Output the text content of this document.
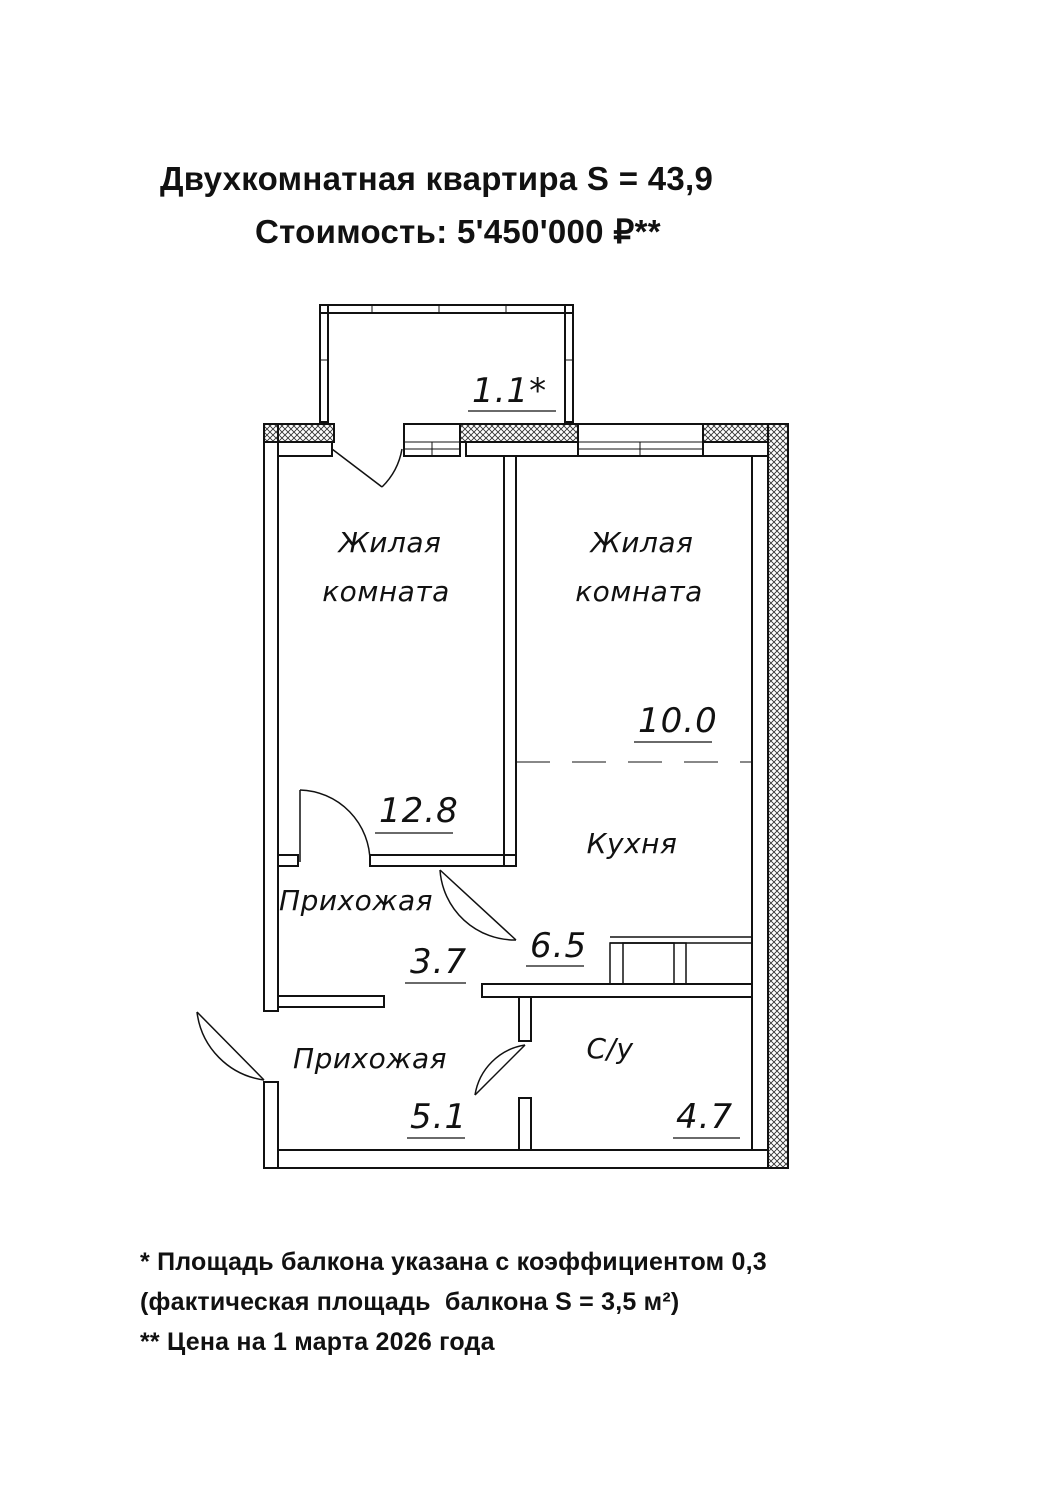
Двухкомнатная квартира S = 43,9
Стоимость: 5'450'000 ₽**
1.1*
Жилая
комната
12.8
Жилая
комната
10.0
Кухня
6.5
Прихожая
3.7
Прихожая
5.1
С/у
4.7
* Площадь балкона указана с коэффициентом 0,3
(фактическая площадь  балкона S = 3,5 м²)
** Цена на 1 марта 2026 года
